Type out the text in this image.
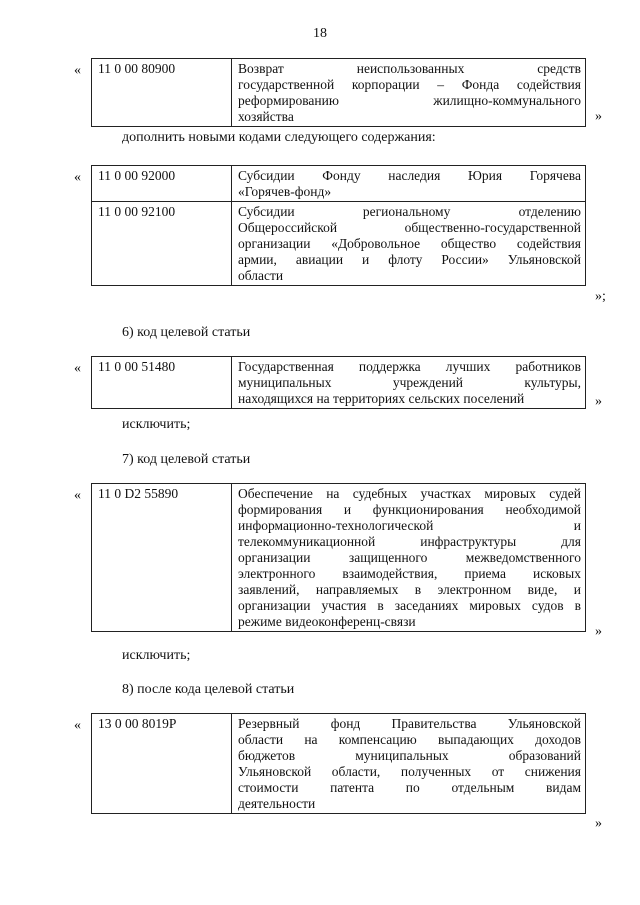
18
« 11 0 00 80900	Возврат неиспользованных средств
государственной корпорации – Фонда содействия
реформированию жилищно-коммунального
хозяйства	»
« 11 0 00 92000	Субсидии Фонду наследия Юрия Горячева
«Горячев-фонд»

11 0 00 92100	Субсидии региональному отделению
Общероссийской общественно-государственной
организации «Добровольное общество содействия
армии, авиации и флоту России» Ульяновской
области
»;
« 11 0 00 51480	Государственная поддержка лучших работников
муниципальных учреждений культуры,
находящихся на территориях сельских поселений	»
« 11 0 D2 55890	Обеспечение на судебных участках мировых судей
формирования и функционирования необходимой
информационно-технологической и
телекоммуникационной инфраструктуры для
организации защищенного межведомственного
электронного взаимодействия, приема исковых
заявлений, направляемых в электронном виде, и
организации участия в заседаниях мировых судов в
режиме видеоконференц-связи
»
« 13 0 00 8019Р	Резервный фонд Правительства Ульяновской
области на компенсацию выпадающих доходов
бюджетов муниципальных образований
Ульяновской области, полученных от снижения
стоимости патента по отдельным видам
деятельности
»
дополнить новыми кодами следующего содержания:
6) код целевой статьи
исключить;
7) код целевой статьи
исключить;
8) после кода целевой статьи
